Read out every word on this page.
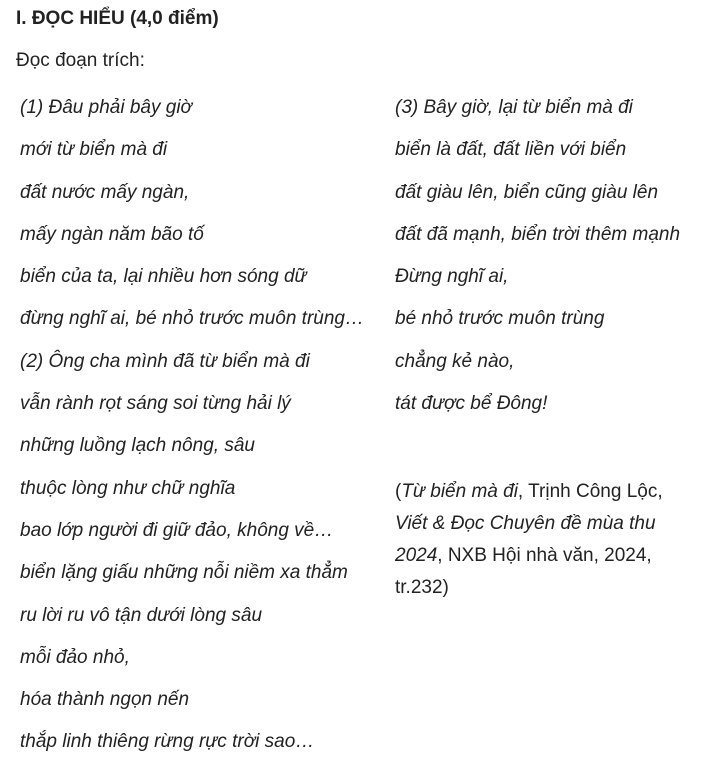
I. ĐỌC HIỂU (4,0 điểm)
Đọc đoạn trích:
(1) Đâu phải bây giờ
mới từ biển mà đi
đất nước mấy ngàn,
mấy ngàn năm bão tố
biển của ta, lại nhiều hơn sóng dữ
đừng nghĩ ai, bé nhỏ trước muôn trùng…
(2) Ông cha mình đã từ biển mà đi
vẫn rành rọt sáng soi từng hải lý
những luồng lạch nông, sâu
thuộc lòng như chữ nghĩa
bao lớp người đi giữ đảo, không về…
biển lặng giấu những nỗi niềm xa thẳm
ru lời ru vô tận dưới lòng sâu
mỗi đảo nhỏ,
hóa thành ngọn nến
thắp linh thiêng rừng rực trời sao…
(3) Bây giờ, lại từ biển mà đi
biển là đất, đất liền với biển
đất giàu lên, biển cũng giàu lên
đất đã mạnh, biển trời thêm mạnh
Đừng nghĩ ai,
bé nhỏ trước muôn trùng
chẳng kẻ nào,
tát được bể Đông!
(Từ biển mà đi, Trịnh Công Lộc, Viết & Đọc Chuyên đề mùa thu 2024, NXB Hội nhà văn, 2024, tr.232)
